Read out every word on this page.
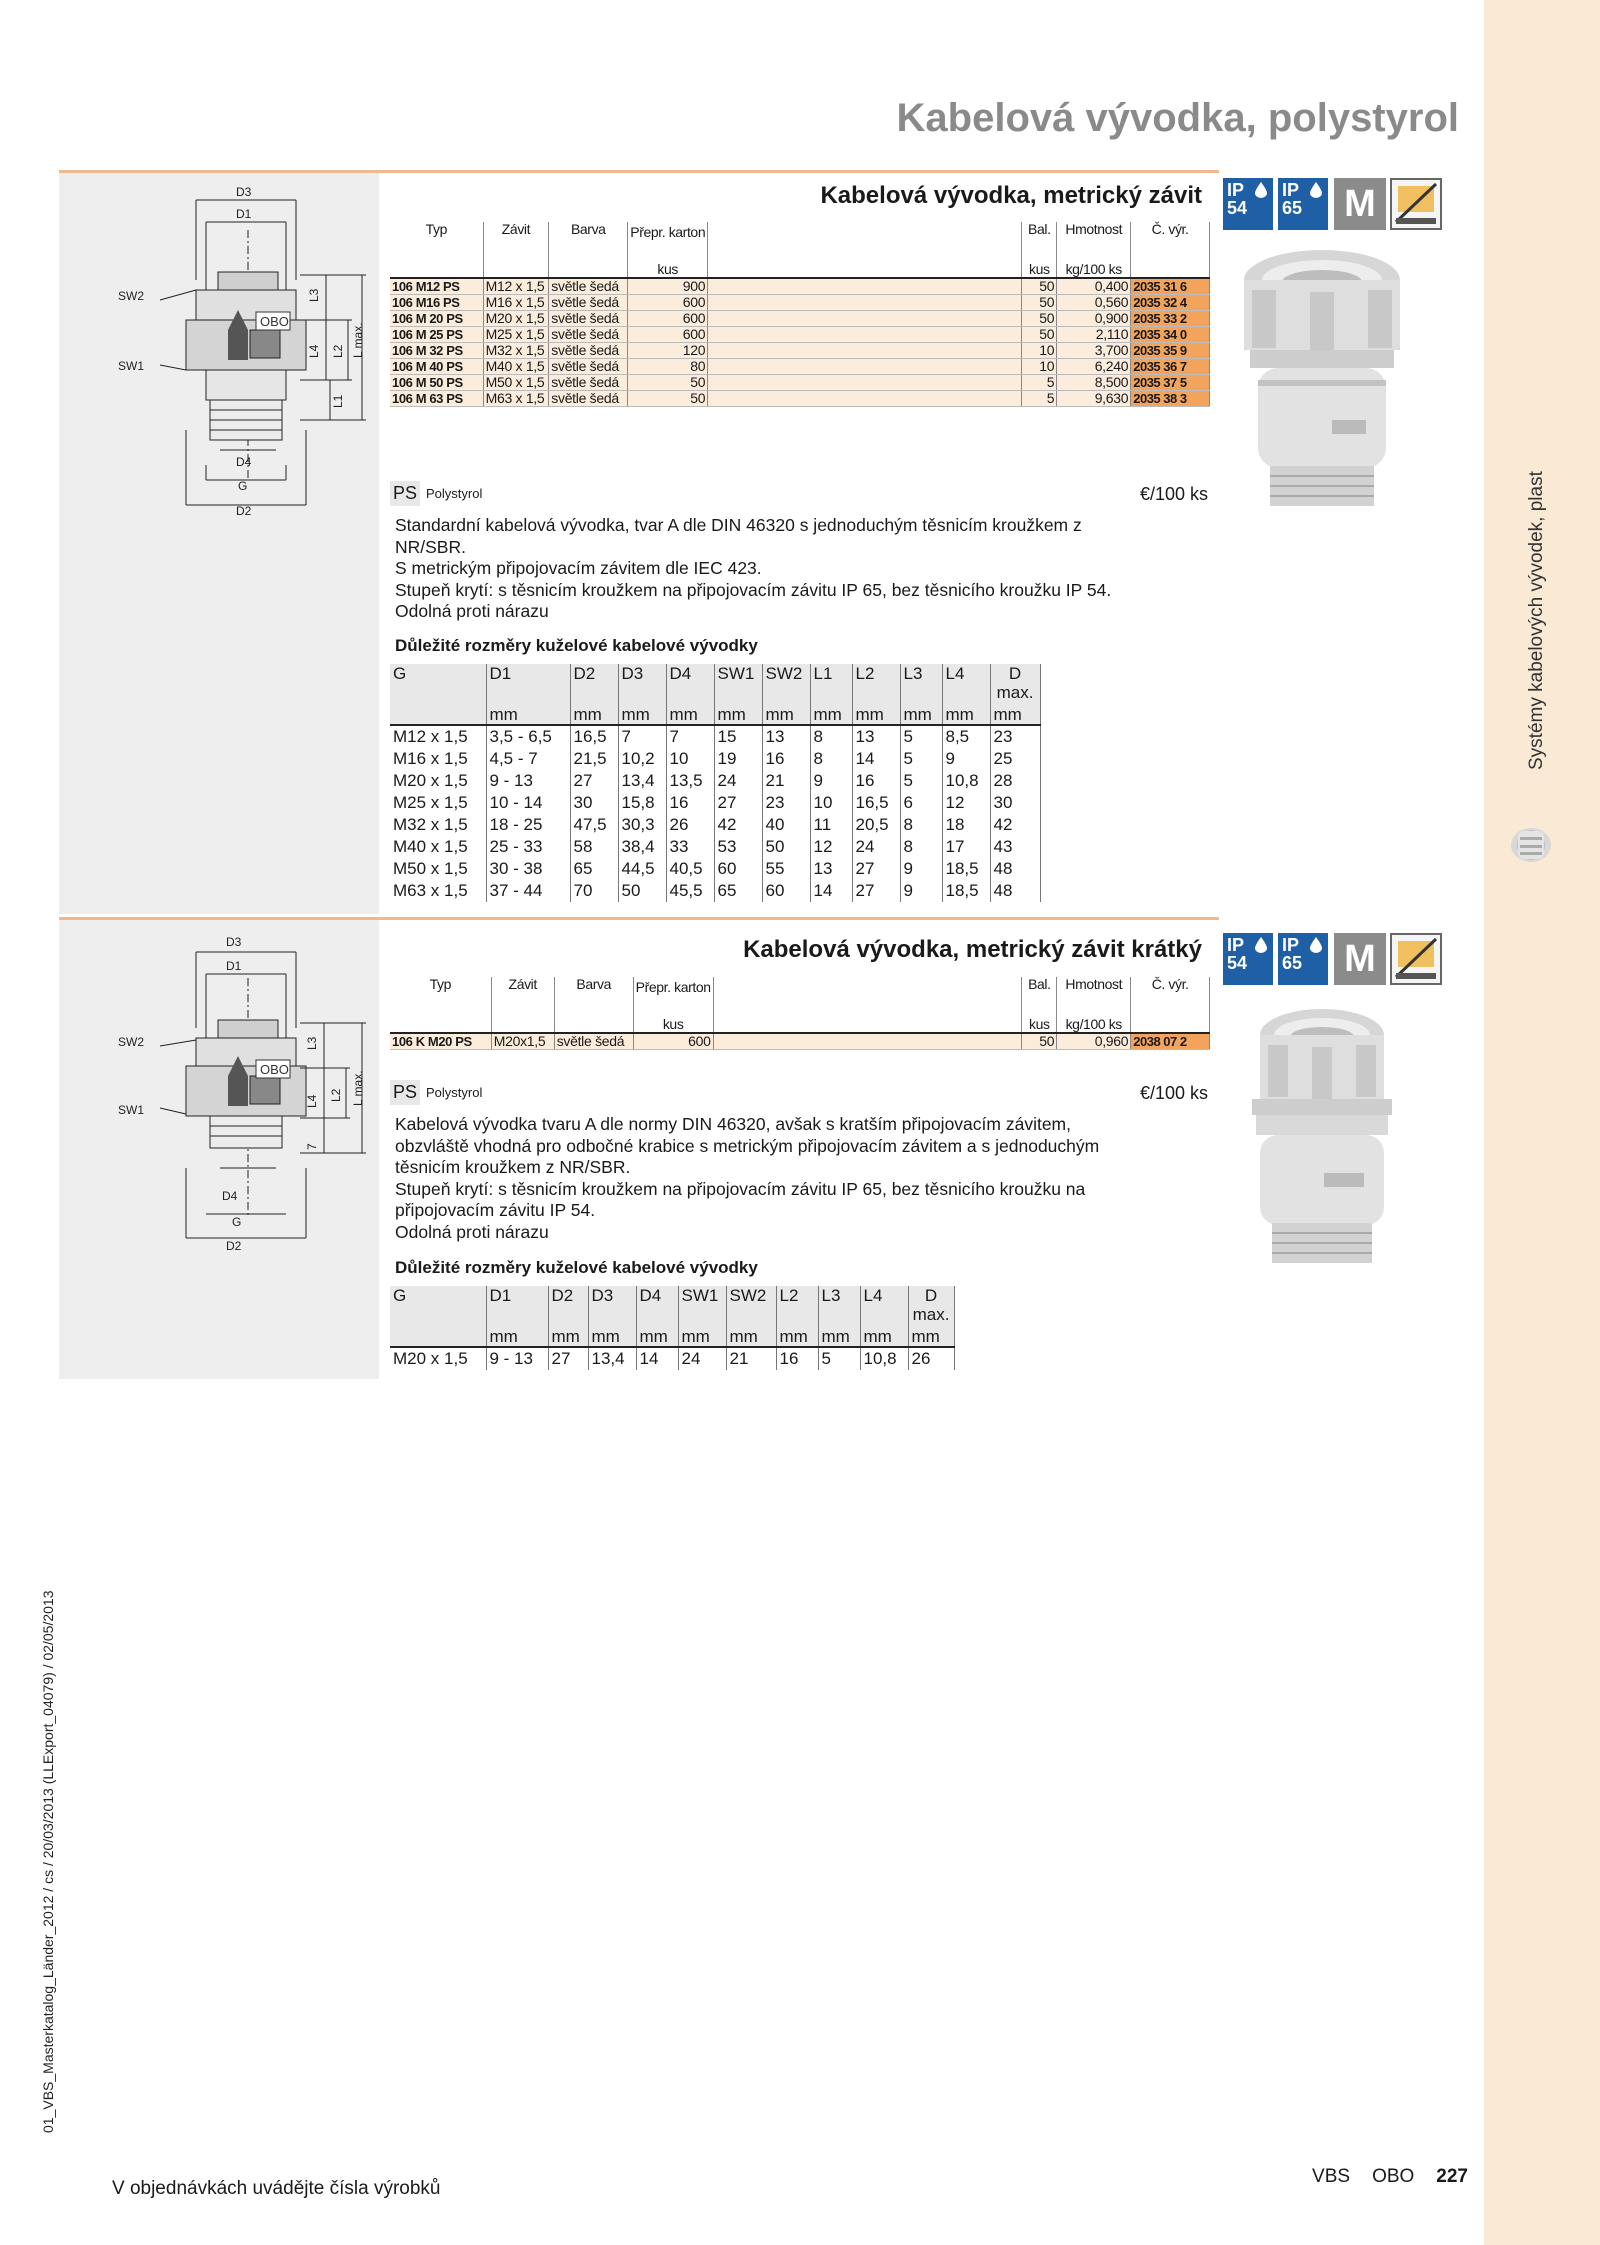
Systémy kabelových vývodek, plast
01_VBS_Masterkatalog_Länder_2012 / cs / 20/03/2013 (LLExport_04079) / 02/05/2013
Kabelová vývodka, polystyrol
OBO
D3
D1
SW2
SW1
D4
G
D2
L3
L4 L2
L1
L max.
Kabelová vývodka, metrický závit IP
54
IP
65	M
Typ	Závit	Barva	Přepr. karton		Bal.	Hmotnost	Č. výr.
			kus		kus	kg/100 ks	
106 M12 PS	M12 x 1,5	světle šedá	900		50	0,400	2035 31 6
106 M16 PS	M16 x 1,5	světle šedá	600		50	0,560	2035 32 4
106 M 20 PS	M20 x 1,5	světle šedá	600		50	0,900	2035 33 2
106 M 25 PS	M25 x 1,5	světle šedá	600		50	2,110	2035 34 0
106 M 32 PS	M32 x 1,5	světle šedá	120		10	3,700	2035 35 9
106 M 40 PS	M40 x 1,5	světle šedá	80		10	6,240	2035 36 7
106 M 50 PS	M50 x 1,5	světle šedá	50		5	8,500	2035 37 5
106 M 63 PS	M63 x 1,5	světle šedá	50		5	9,630	2035 38 3
PS Polystyrol	€/100 ks
Standardní kabelová vývodka, tvar A dle DIN 46320 s jednoduchým těsnicím kroužkem z
NR/SBR.
S metrickým připojovacím závitem dle IEC 423.
Stupeň krytí: s těsnicím kroužkem na připojovacím závitu IP 65, bez těsnicího kroužku IP 54.
Odolná proti nárazu
Důležité rozměry kuželové kabelové vývodky
G	D1	D2	D3	D4	SW1	SW2	L1	L2	L3	L4	D
											max.
	mm	mm	mm	mm	mm	mm	mm	mm	mm	mm	mm
M12 x 1,5	3,5 - 6,5	16,5	7	7	15	13	8	13	5	8,5	23
M16 x 1,5	4,5 - 7	21,5	10,2	10	19	16	8	14	5	9	25
M20 x 1,5	9 - 13	27	13,4	13,5	24	21	9	16	5	10,8	28
M25 x 1,5	10 - 14	30	15,8	16	27	23	10	16,5	6	12	30
M32 x 1,5	18 - 25	47,5	30,3	26	42	40	11	20,5	8	18	42
M40 x 1,5	25 - 33	58	38,4	33	53	50	12	24	8	17	43
M50 x 1,5	30 - 38	65	44,5	40,5	60	55	13	27	9	18,5	48
M63 x 1,5	37 - 44	70	50	45,5	65	60	14	27	9	18,5	48
OBO
D3
D1
SW2
SW1
D4
G
D2
L3
L4 L2
7
L max.
Kabelová vývodka, metrický závit krátký IP
54
IP
65	M
Typ	Závit	Barva	Přepr. karton		Bal.	Hmotnost	Č. výr.
			kus		kus	kg/100 ks	
106 K M20 PS	M20x1,5	světle šedá	600		50	0,960	2038 07 2
PS Polystyrol	€/100 ks
Kabelová vývodka tvaru A dle normy DIN 46320, avšak s kratším připojovacím závitem,
obzvláště vhodná pro odbočné krabice s metrickým připojovacím závitem a s jednoduchým
těsnicím kroužkem z NR/SBR.
Stupeň krytí: s těsnicím kroužkem na připojovacím závitu IP 65, bez těsnicího kroužku na
připojovacím závitu IP 54.
Odolná proti nárazu
Důležité rozměry kuželové kabelové vývodky
G	D1	D2	D3	D4	SW1	SW2	L2	L3	L4	D
										max.
	mm	mm	mm	mm	mm	mm	mm	mm	mm	mm
M20 x 1,5	9 - 13	27	13,4	14	24	21	16	5	10,8	26
V objednávkách uvádějte čísla výrobků
VBS OBO 227
